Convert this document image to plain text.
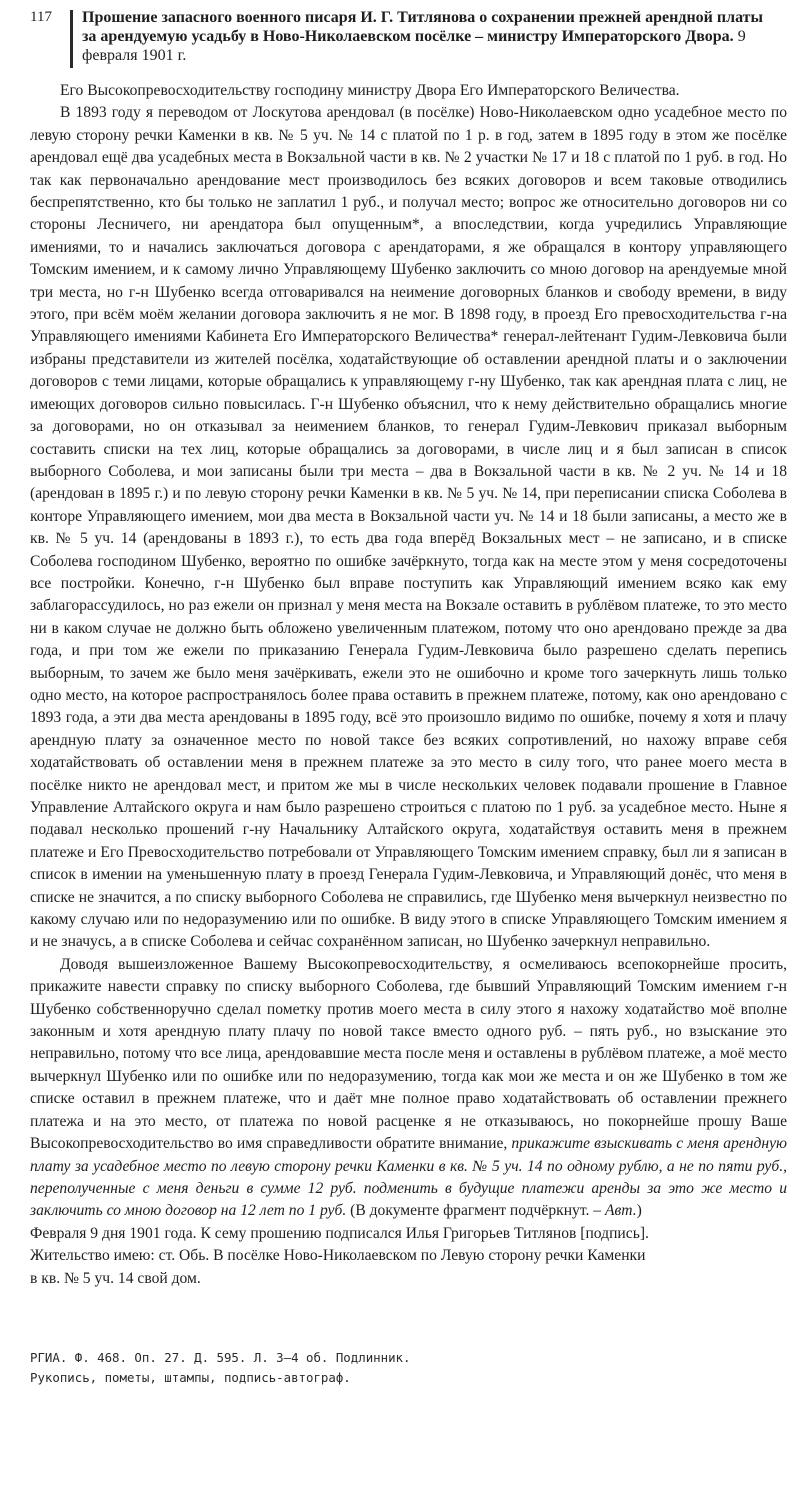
117 Прошение запасного военного писаря И. Г. Титлянова о сохранении прежней арендной платы за арендуемую усадьбу в Ново-Николаевском посёлке – министру Императорского Двора. 9 февраля 1901 г.

Его Высокопревосходительству господину министру Двора Его Императорского Величества.

В 1893 году я переводом от Лоскутова арендовал (в посёлке) Ново-Николаевском одно усадебное место по левую сторону речки Каменки в кв. № 5 уч. № 14 с платой по 1 р. в год, затем в 1895 году в этом же посёлке арендовал ещё два усадебных места в Вокзальной части в кв. № 2 участки № 17 и 18 с платой по 1 руб. в год. Но так как первоначально арендование мест производилось без всяких договоров и всем таковые отводились беспрепятственно, кто бы только не заплатил 1 руб., и получал место; вопрос же относительно договоров ни со стороны Лесничего, ни арендатора был опущенным*, а впоследствии, когда учредились Управляющие имениями, то и начались заключаться договора с арендаторами, я же обращался в контору управляющего Томским имением, и к самому лично Управляющему Шубенко заключить со мною договор на арендуемые мной три места, но г-н Шубенко всегда отговаривался на неимение договорных бланков и свободу времени, в виду этого, при всём моём желании договора заключить я не мог. В 1898 году, в проезд Его превосходительства г-на Управляющего имениями Кабинета Его Императорского Величества* генерал-лейтенант Гудим-Левковича были избраны представители из жителей посёлка, ходатайствующие об оставлении арендной платы и о заключении договоров с теми лицами, которые обращались к управляющему г-ну Шубенко, так как арендная плата с лиц, не имеющих договоров сильно повысилась. Г-н Шубенко объяснил, что к нему действительно обращались многие за договорами, но он отказывал за неимением бланков, то генерал Гудим-Левкович приказал выборным составить списки на тех лиц, которые обращались за договорами, в числе лиц и я был записан в список выборного Соболева, и мои записаны были три места – два в Вокзальной части в кв. № 2 уч. № 14 и 18 (арендован в 1895 г.) и по левую сторону речки Каменки в кв. № 5 уч. № 14, при переписании списка Соболева в конторе Управляющего имением, мои два места в Вокзальной части уч. № 14 и 18 были записаны, а место же в кв. № 5 уч. 14 (арендованы в 1893 г.), то есть два года вперёд Вокзальных мест – не записано, и в списке Соболева господином Шубенко, вероятно по ошибке зачёркнуто, тогда как на месте этом у меня сосредоточены все постройки. Конечно, г-н Шубенко был вправе поступить как Управляющий имением всяко как ему заблагорассудилось, но раз ежели он признал у меня места на Вокзале оставить в рублёвом платеже, то это место ни в каком случае не должно быть обложено увеличенным платежом, потому что оно арендовано прежде за два года, и при том же ежели по приказанию Генерала Гудим-Левковича было разрешено сделать перепись выборным, то зачем же было меня зачёркивать, ежели это не ошибочно и кроме того зачеркнуть лишь только одно место, на которое распространялось более права оставить в прежнем платеже, потому, как оно арендовано с 1893 года, а эти два места арендованы в 1895 году, всё это произошло видимо по ошибке, почему я хотя и плачу арендную плату за означенное место по новой таксе без всяких сопротивлений, но нахожу вправе себя ходатайствовать об оставлении меня в прежнем платеже за это место в силу того, что ранее моего места в посёлке никто не арендовал мест, и притом же мы в числе нескольких человек подавали прошение в Главное Управление Алтайского округа и нам было разрешено строиться с платою по 1 руб. за усадебное место. Ныне я подавал несколько прошений г-ну Начальнику Алтайского округа, ходатайствуя оставить меня в прежнем платеже и Его Превосходительство потребовали от Управляющего Томским имением справку, был ли я записан в список в имении на уменьшенную плату в проезд Генерала Гудим-Левковича, и Управляющий донёс, что меня в списке не значится, а по списку выборного Соболева не справились, где Шубенко меня вычеркнул неизвестно по какому случаю или по недоразумению или по ошибке. В виду этого в списке Управляющего Томским имением я и не значусь, а в списке Соболева и сейчас сохранённом записан, но Шубенко зачеркнул неправильно.

Доводя вышеизложенное Вашему Высокопревосходительству, я осмеливаюсь всепокорнейше просить, прикажите навести справку по списку выборного Соболева, где бывший Управляющий Томским имением г-н Шубенко собственноручно сделал пометку против моего места в силу этого я нахожу ходатайство моё вполне законным и хотя арендную плату плачу по новой таксе вместо одного руб. – пять руб., но взыскание это неправильно, потому что все лица, арендовавшие места после меня и оставлены в рублёвом платеже, а моё место вычеркнул Шубенко или по ошибке или по недоразумению, тогда как мои же места и он же Шубенко в том же списке оставил в прежнем платеже, что и даёт мне полное право ходатайствовать об оставлении прежнего платежа и на это место, от платежа по новой расценке я не отказываюсь, но покорнейше прошу Ваше Высокопревосходительство во имя справедливости обратите внимание, прикажите взыскивать с меня арендную плату за усадебное место по левую сторону речки Каменки в кв. № 5 уч. 14 по одному рублю, а не по пяти руб., переполученные с меня деньги в сумме 12 руб. подменить в будущие платежи аренды за это же место и заключить со мною договор на 12 лет по 1 руб. (В документе фрагмент подчёркнут. – Авт.)

Февраля 9 дня 1901 года. К сему прошению подписался Илья Григорьев Титлянов [подпись].

Жительство имею: ст. Обь. В посёлке Ново-Николаевском по Левую сторону речки Каменки

в кв. № 5 уч. 14 свой дом.

РГИА. Ф. 468. Оп. 27. Д. 595. Л. 3–4 об. Подлинник.
Рукопись, пометы, штампы, подпись-автограф.
